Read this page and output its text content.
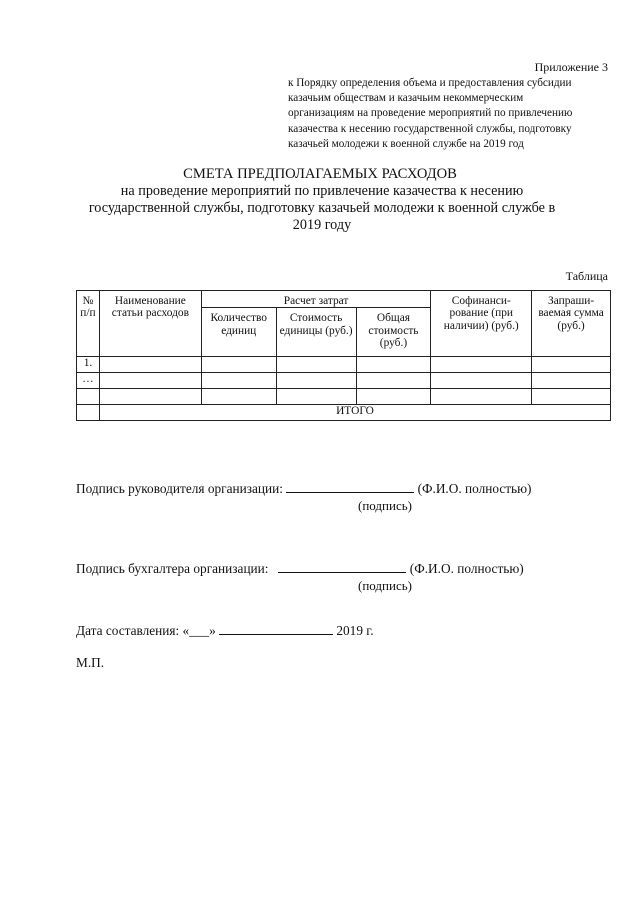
Приложение 3
к Порядку определения объема и предоставления субсидии
казачьим обществам и казачьим некоммерческим
организациям на проведение мероприятий по привлечению
казачества к несению государственной службы, подготовку
казачьей молодежи к военной службе на 2019 год
СМЕТА ПРЕДПОЛАГАЕМЫХ РАСХОДОВ
на проведение мероприятий по привлечение казачества к несению
государственной службы, подготовку казачьей молодежи к военной службе в
2019 году
Таблица
№ п/п	Наименование статьи расходов	Расчет затрат			Софинанси- рование (при наличии) (руб.)	Запраши- ваемая сумма (руб.)
		Количество единиц	Стоимость единицы (руб.)	Общая стоимость (руб.)		
1.						
…						

	ИТОГО					
Подпись руководителя организации:	(Ф.И.О. полностью)
(подпись)
Подпись бухгалтера организации:	(Ф.И.О. полностью)
(подпись)
Дата составления: «___»	2019 г.
М.П.
